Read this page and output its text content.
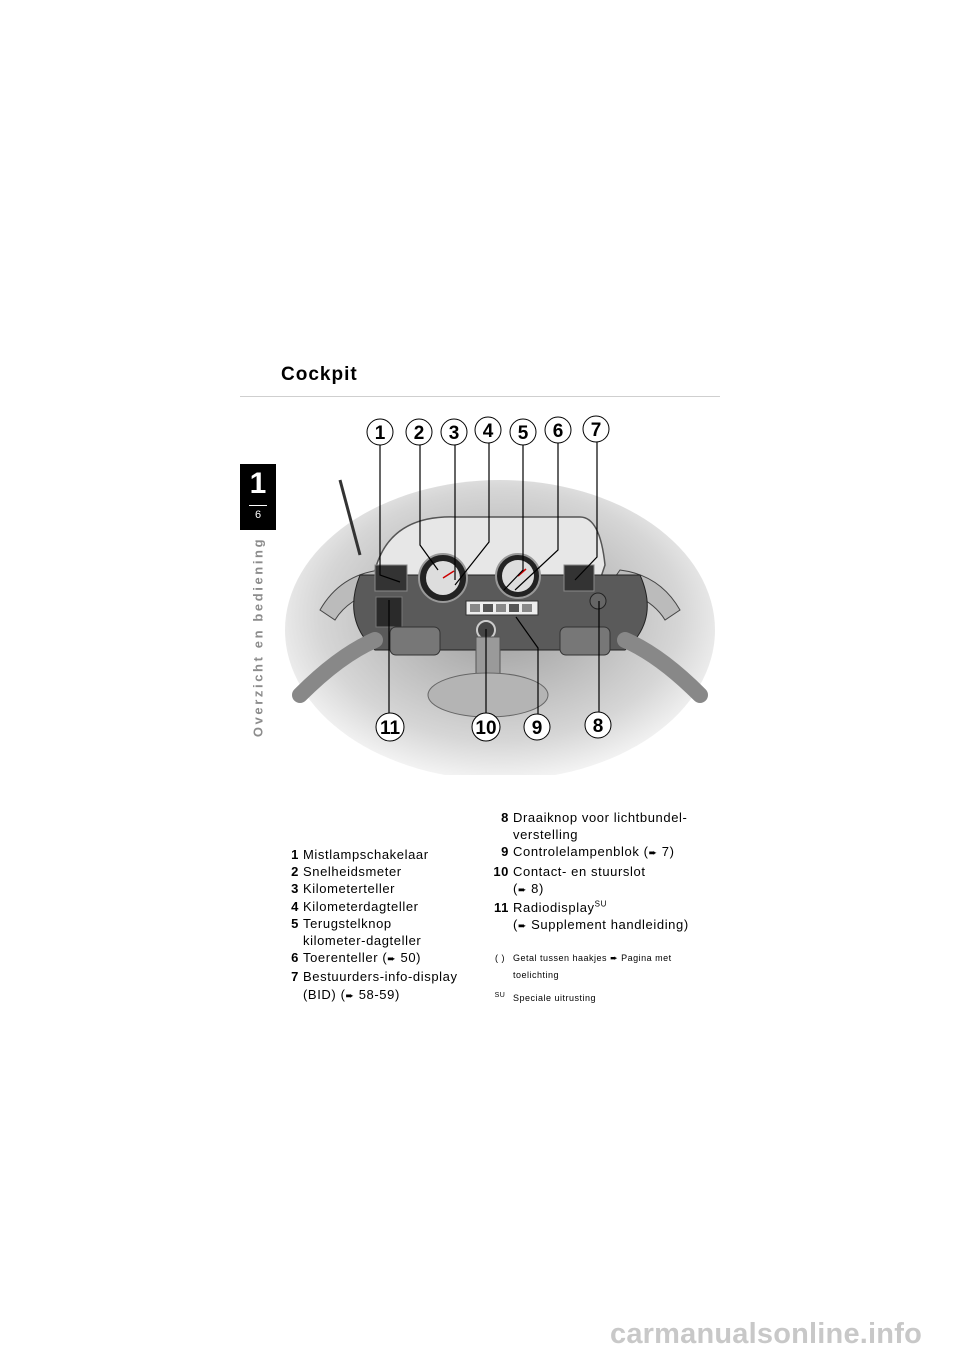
Cockpit
1
6
Overzicht en bediening
1 2 3 4 5 6 7
11	10 9	8
1 Mistlampschakelaar
2 Snelheidsmeter
3 Kilometerteller
4 Kilometerdagteller
5 Terugstelknop
kilometer-dagteller
6 Toerenteller (➨ 50)
7 Bestuurders-info-display
(BID) (➨ 58-59)
8 Draaiknop voor lichtbundel-
verstelling
9 Controlelampenblok (➨ 7)
10 Contact- en stuurslot
(➨ 8)
11 Radiodisplay$^{SU}$
(➨ Supplement handleiding)
( ) Getal tussen haakjes ➨ Pagina met
toelichting
SU Speciale uitrusting
carmanualsonline.info
